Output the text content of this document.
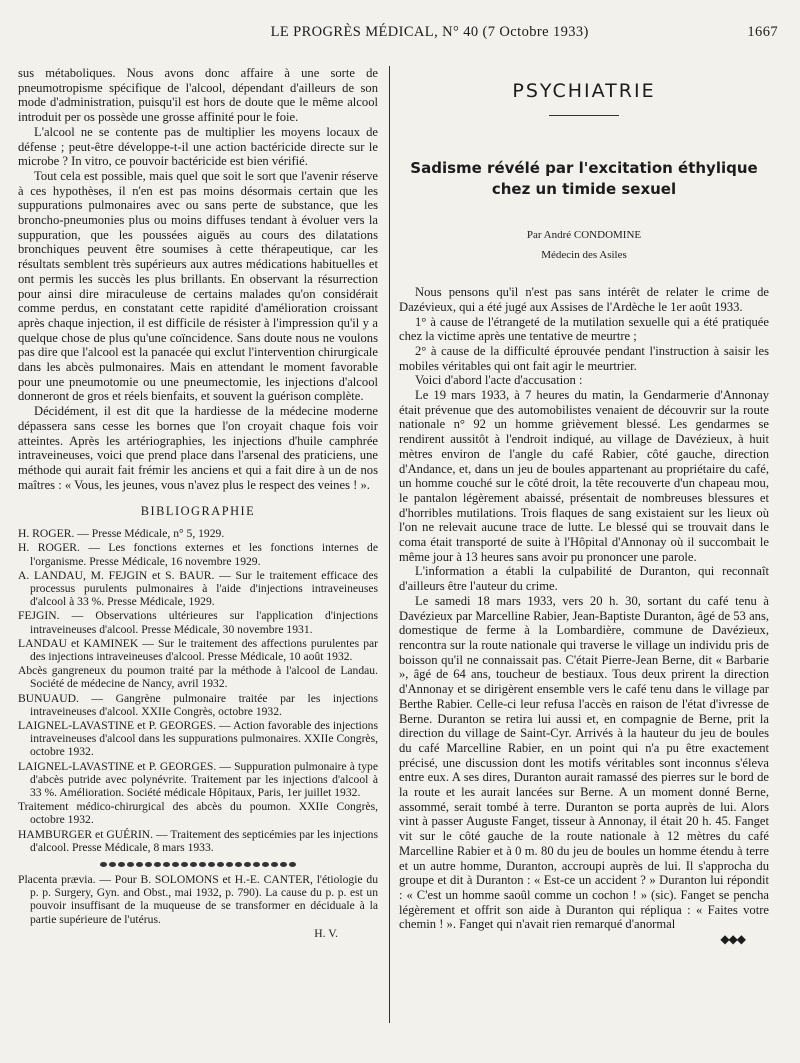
LE PROGRÈS MÉDICAL, N° 40 (7 Octobre 1933)	1667

sus métaboliques. Nous avons donc affaire à une sorte de pneumotropisme spécifique de l'alcool, dépendant d'ailleurs de son mode d'administration, puisqu'il est hors de doute que le même alcool introduit per os possède une grosse affinité pour le foie.

L'alcool ne se contente pas de multiplier les moyens locaux de défense ; peut-être développe-t-il une action bactéricide directe sur le microbe ? In vitro, ce pouvoir bactéricide est bien vérifié.

Tout cela est possible, mais quel que soit le sort que l'avenir réserve à ces hypothèses, il n'en est pas moins désormais certain que les suppurations pulmonaires avec ou sans perte de substance, que les broncho-pneumonies plus ou moins diffuses tendant à évoluer vers la suppuration, que les poussées aiguës au cours des dilatations bronchiques peuvent être soumises à cette thérapeutique, car les résultats semblent très supérieurs aux autres médications habituelles et ont permis les succès les plus brillants. En observant la résurrection pour ainsi dire miraculeuse de certains malades qu'on considérait comme perdus, en constatant cette rapidité d'amélioration croissant après chaque injection, il est difficile de résister à l'impression qu'il y a quelque chose de plus qu'une coïncidence. Sans doute nous ne voulons pas dire que l'alcool est la panacée qui exclut l'intervention chirurgicale dans les abcès pulmonaires. Mais en attendant le moment favorable pour une pneumotomie ou une pneumectomie, les injections d'alcool donneront de gros et réels bienfaits, et souvent la guérison complète.

Décidément, il est dit que la hardiesse de la médecine moderne dépassera sans cesse les bornes que l'on croyait chaque fois voir atteintes. Après les artériographies, les injections d'huile camphrée intraveineuses, voici que prend place dans l'arsenal des praticiens, une méthode qui aurait fait frémir les anciens et qui a fait dire à un de nos maîtres : « Vous, les jeunes, vous n'avez plus le respect des veines ! ».

BIBLIOGRAPHIE

H. ROGER. — Presse Médicale, n° 5, 1929.

H. ROGER. — Les fonctions externes et les fonctions internes de l'organisme. Presse Médicale, 16 novembre 1929.

A. LANDAU, M. FEJGIN et S. BAUR. — Sur le traitement efficace des processus purulents pulmonaires à l'aide d'injections intraveineuses d'alcool à 33 %. Presse Médicale, 1929.

FEJGIN. — Observations ultérieures sur l'application d'injections intraveineuses d'alcool. Presse Médicale, 30 novembre 1931.

LANDAU et KAMINEK — Sur le traitement des affections purulentes par des injections intraveineuses d'alcool. Presse Médicale, 10 août 1932.

Abcès gangreneux du poumon traité par la méthode à l'alcool de Landau. Société de médecine de Nancy, avril 1932.

BUNUAUD. — Gangrène pulmonaire traitée par les injections intraveineuses d'alcool. XXIIe Congrès, octobre 1932.

LAIGNEL-LAVASTINE et P. GEORGES. — Action favorable des injections intraveineuses d'alcool dans les suppurations pulmonaires. XXIIe Congrès, octobre 1932.

LAIGNEL-LAVASTINE et P. GEORGES. — Suppuration pulmonaire à type d'abcès putride avec polynévrite. Traitement par les injections d'alcool à 33 %. Amélioration. Société médicale Hôpitaux, Paris, 1er juillet 1932.

Traitement médico-chirurgical des abcès du poumon. XXIIe Congrès, octobre 1932.

HAMBURGER et GUÉRIN. — Traitement des septicémies par les injections d'alcool. Presse Médicale, 8 mars 1933.

Placenta prævia. — Pour B. SOLOMONS et H.-E. CANTER, l'étiologie du p. p. Surgery, Gyn. and Obst., mai 1932, p. 790). La cause du p. p. est un pouvoir insuffisant de la muqueuse de se transformer en déciduale à la partie supérieure de l'utérus.

H. V.

PSYCHIATRIE
Sadisme révélé par l'excitation éthylique
chez un timide sexuel
Par André CONDOMINE
Médecin des Asiles

Nous pensons qu'il n'est pas sans intérêt de relater le crime de Dazévieux, qui a été jugé aux Assises de l'Ardèche le 1er août 1933.

1° à cause de l'étrangeté de la mutilation sexuelle qui a été pratiquée chez la victime après une tentative de meurtre ;

2° à cause de la difficulté éprouvée pendant l'instruction à saisir les mobiles véritables qui ont fait agir le meurtrier.

Voici d'abord l'acte d'accusation :

Le 19 mars 1933, à 7 heures du matin, la Gendarmerie d'Annonay était prévenue que des automobilistes venaient de découvrir sur la route nationale n° 92 un homme grièvement blessé. Les gendarmes se rendirent aussitôt à l'endroit indiqué, au village de Davézieux, à huit mètres environ de l'angle du café Rabier, côté gauche, direction d'Andance, et, dans un jeu de boules appartenant au propriétaire du café, un homme couché sur le côté droit, la tête recouverte d'un chapeau mou, le pantalon légèrement abaissé, présentait de nombreuses blessures et d'horribles mutilations. Trois flaques de sang existaient sur les lieux où l'on ne relevait aucune trace de lutte. Le blessé qui se trouvait dans le coma était transporté de suite à l'Hôpital d'Annonay où il succombait le même jour à 13 heures sans avoir pu prononcer une parole.

L'information a établi la culpabilité de Duranton, qui reconnaît d'ailleurs être l'auteur du crime.

Le samedi 18 mars 1933, vers 20 h. 30, sortant du café tenu à Davézieux par Marcelline Rabier, Jean-Baptiste Duranton, âgé de 53 ans, domestique de ferme à la Lombardière, commune de Davézieux, rencontra sur la route nationale qui traverse le village un individu pris de boisson qu'il ne connaissait pas. C'était Pierre-Jean Berne, dit « Barbarie », âgé de 64 ans, toucheur de bestiaux. Tous deux prirent la direction d'Annonay et se dirigèrent ensemble vers le café tenu dans le village par Berthe Rabier. Celle-ci leur refusa l'accès en raison de l'état d'ivresse de Berne. Duranton se retira lui aussi et, en compagnie de Berne, prit la direction du village de Saint-Cyr. Arrivés à la hauteur du jeu de boules du café Marcelline Rabier, en un point qui n'a pu être exactement précisé, une discussion dont les motifs véritables sont inconnus s'éleva entre eux. A ses dires, Duranton aurait ramassé des pierres sur le bord de la route et les aurait lancées sur Berne. A un moment donné Berne, assommé, serait tombé à terre. Duranton se porta auprès de lui. Alors vint à passer Auguste Fanget, tisseur à Annonay, il était 20 h. 45. Fanget vit sur le côté gauche de la route nationale à 12 mètres du café Marcelline Rabier et à 0 m. 80 du jeu de boules un homme étendu à terre et un autre homme, Duranton, accroupi auprès de lui. Il s'approcha du groupe et dit à Duranton : « Est-ce un accident ? » Duranton lui répondit : « C'est un homme saoûl comme un cochon ! » (sic). Fanget se pencha légèrement et offrit son aide à Duranton qui répliqua : « Faites votre chemin ! ». Fanget qui n'avait rien remarqué d'anormal

◆◆◆
